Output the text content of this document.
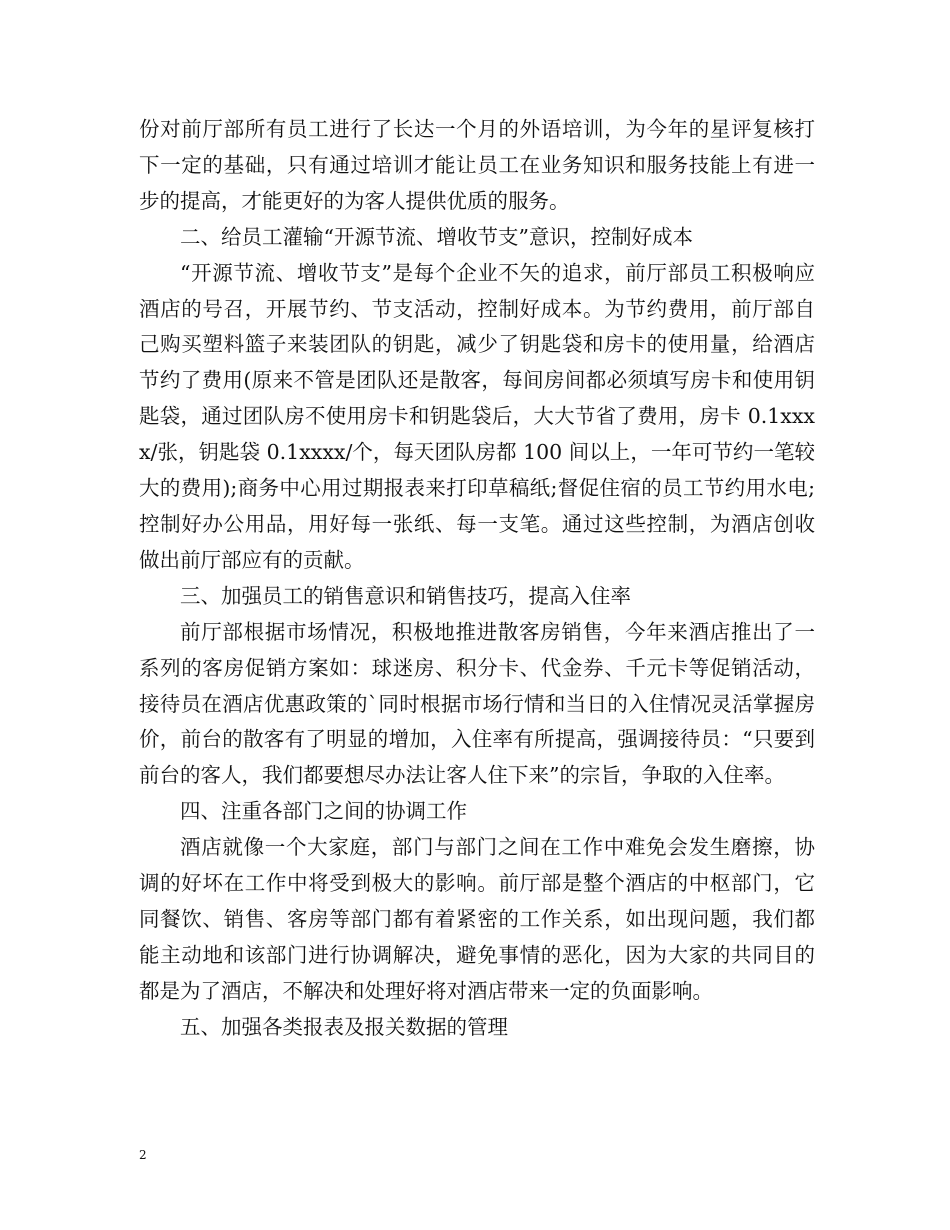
份对前厅部所有员工进行了长达一个月的外语培训，为今年的星评复核打下一定的基础，只有通过培训才能让员工在业务知识和服务技能上有进一步的提高，才能更好的为客人提供优质的服务。

二、给员工灌输“开源节流、增收节支”意识，控制好成本

“开源节流、增收节支”是每个企业不矢的追求，前厅部员工积极响应酒店的号召，开展节约、节支活动，控制好成本。为节约费用，前厅部自己购买塑料篮子来装团队的钥匙，减少了钥匙袋和房卡的使用量，给酒店节约了费用(原来不管是团队还是散客，每间房间都必须填写房卡和使用钥匙袋，通过团队房不使用房卡和钥匙袋后，大大节省了费用，房卡 0.1xxxx/张，钥匙袋 0.1xxxx/个，每天团队房都 100 间以上，一年可节约一笔较大的费用);商务中心用过期报表来打印草稿纸;督促住宿的员工节约用水电;控制好办公用品，用好每一张纸、每一支笔。通过这些控制，为酒店创收做出前厅部应有的贡献。

三、加强员工的销售意识和销售技巧，提高入住率

前厅部根据市场情况，积极地推进散客房销售，今年来酒店推出了一系列的客房促销方案如：球迷房、积分卡、代金券、千元卡等促销活动，接待员在酒店优惠政策的`同时根据市场行情和当日的入住情况灵活掌握房价，前台的散客有了明显的增加，入住率有所提高，强调接待员：“只要到前台的客人，我们都要想尽办法让客人住下来”的宗旨，争取的入住率。

四、注重各部门之间的协调工作

酒店就像一个大家庭，部门与部门之间在工作中难免会发生磨擦，协调的好坏在工作中将受到极大的影响。前厅部是整个酒店的中枢部门，它同餐饮、销售、客房等部门都有着紧密的工作关系，如出现问题，我们都能主动地和该部门进行协调解决，避免事情的恶化，因为大家的共同目的都是为了酒店，不解决和处理好将对酒店带来一定的负面影响。

五、加强各类报表及报关数据的管理

2
